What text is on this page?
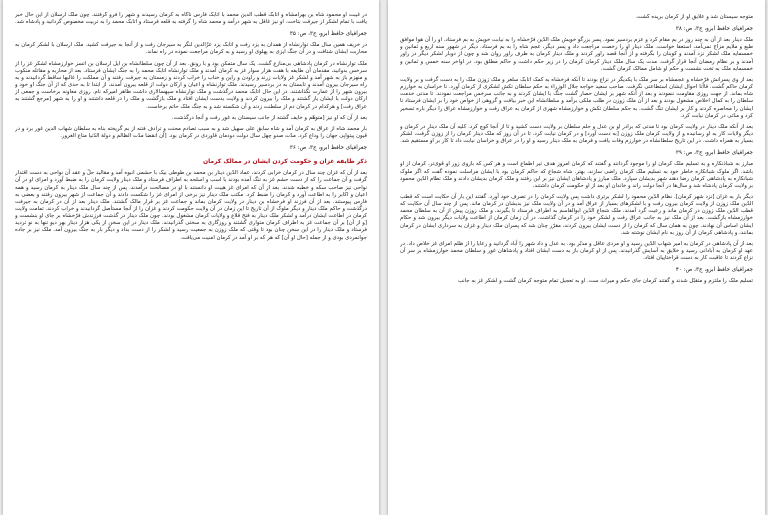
در غیبت او محمود شاه بن بهرامشاه و اتابک قطب الدین محمد با اتابک فارس ناگاه به کرمان رسیدند و شهر را فرو گرفتند. چون ملک ارسلان از این حال خبر یافت با تمام لشکر از جیرفت بتاخت. او نیز غافل به شهر درآمد و محمد شاه را گرفته به قلعه فرستاد و اتابک محمد را به تربیت مخصوص گردانید و پادشاه شد.

جغرافیای حافظ ابرو، ج۳، ص: ۳۵

در خریف همین سال ملک توارنشاه از همدان به یزد رفت و اتابک یزد عزّالدین لنگر به سیرجان رفت و از آنجا به جیرفت کشید. ملک ارسلان با لشکر کرمان به محاربت ایشان شتافت و در آن جنگ ایزی به پهلوی او رسید و به کرمان مراجعت نموده در راه نماند.

ملک توارنشاه در کرمان پادشاهی بی‌منازع گشت. یک سال متمکن بود و با رونق. بعد از آن چون سلطانشاه بن ایل ارسلان بن اتسز خوارزمشاه لشکر غز را از سرخس بدوانید، مقدمان آن طایفه با هفت هزار سوار غز به کرمان آمدند و ملک توارنشاه اتابک محمد را به جنگ ایشان فرستاد. بعد از محاربه و مقاتله منکوب و منهزم باز به شهر آمد و لشکر غز ولایات زرند و راودن و راین و خناب را خراب کردند و زمستان به جیرفت رفتند و آن مملکت را غالبها ساقط گردانیدند و به راه سیرجان بیرون آمدند و تابستان به در بردسیر رسیدند. ملک توارنشاه و اعیان و ارکان دولت از قلعه بیرون آمدند، از ابتدا تا به حدی که از آن جنگ او خود و بیرون شهر را از عمارت نگذاشتند. در این حال اتابک محمد درگذشت و ملک توارنشاه سپهسالاری داشت ظاهر امیرکه نام. روزی معاونه برخاست و جمعی از ارکان دولت با ایشان یار گشتند و ملک را بیرون کردند و ولایت بدست ایشان افتاد و ملک بازگشت و ملک را در قلعه داشتند و او را به شهر [مرجع گشتند به عراق رفت] و هرکدام در کرمان دم از سلطنت زدند و آن شکسته شد و به جنگ ملک حاتم برخاست.

بعد از آن که او نیز [متوهّم و خایف گشته از جانب سیستان به غور رفت و آنجا درگذشت.

بار محمد شاه از عراق به کرمان آمد و شاه سابق علی سهیل شد و به سبب تصادم محنت و ترادف فتنه از بم گریخته بناه به سلطان شهاب الدین غور برد و در قیون پیتواپی جهان را وداع کرد. مدّت صدو چهل سال دولت دودمان قاوردی در کرمان بود. [آن انقضا مدّت الظالم و دولة الدّنیا متاع الغرور.

جغرافیای حافظ ابرو، ج۳، ص: ۳۶
ذکر طایفه غزان و حکومت کردن ایشان در ممالک کرمان

بعد از آن که غزان چند سال در کرمان خرابی کردند، عماد الدّین دینار بن محمد بن طوطی بیک با حشمی انبوه آمد و مقالید حلّ و عقد آن نواحی به دست اقتدار گرفت و آن جماعت را که از دست حشم غز به تنگ آمده بودند با اسب و اسلحه به اطراف فرستاد و ملک دینار ولایت کرمان را به ضبط آورد و امرای او در آن نواحی نیز صاحب سکه و خطبه شدند. بعد از آن که امرای غز هیبت او دانستند با او در مصالحت درآمدند. پس از چند سال ملک دینار به کرمان رسید و همه اعیان و اکابر را به اطاعت آورد و کرمان را ضبط کرد. مکتب ملک دینار نیز برخی از امرای غز را شکست دادند و آن جماعت از شهر بیرون رفتند و بعضی به فارس پیوستند. بعد از آن فرزند او فرخشاه بن دینار در ولایت کرمان بماند و جماعت غز بر قرار مالک گشتند. ملک دینار بعد از آن در کرمان به جیرفت درگذشت و حاکم ملک دینار و دیگر ملوک از آن تاریخ تا این زمان در آن ولایت حکومت کردند و غزان را از آنجا مستأصل گردانیدند و خراب کردند. تمامت ولایت کرمان در اطاعت ایشان درآمد و لشکر ملک دینار به فتح قلاع و ولایات کرمان مشغول بودند. چون ملک دینار در گذشت فرزندش فرّخشاه بر جای او بنشست و [و از آن] بر آن جماعت غز به اطراف کرمان متواری گشتند و روزگاری به سختی گذرانیدند. ملک دینار در این سخن از یکی هزار دینار بهر دیو تنها به نو تردید فرستاد و ملک دینار را در این سخن چنان بود تا وقتی که ملک زوزن به جمعیت رسید و لشکر را از دست بداد و دیگر بار به جنگ بیرون آمد. ملک نیز بر جاده جوانمردی بودی و از جمله [حال او آن] که هر که بر او آمد در کرمان امنیت می‌یافت.

متوجه سیستان شد و علایق او از کرمان بریده گشت.

جغرافیای حافظ ابرو، ج۳، ص: ۳۸

ملک دینار بعد از آن به چند روز در بم مقام کرد و عزم بردسیر نمود. پسر بزرگو خویش ملک الدّین فرّخشاه را به نیابت خویش به بم فرستاد. او را آن هوا موافق طبع و ملایم مزاج نمی‌آمد، استعفا خواست. ملک دینار او را رخصت مراجعت داد و پسر دیگر، عجم شاه را به بم فرستاد. دیگر در شهور سنه اربع و ثمانین و خمسمایه ملک لشکر نزد آمدند و کوبنان را بگرفته و از آنجا قصد راور کردند و ملک دینار کرمان به طرف راور روان شد و چون از دوبار لشکر دیگر در راور آمدند و بر نظام رمضان آنجا قرار گرفت. مدت یک سال ملک دینار کرمان کرمان را در زیر حکم داشت و حاکم مطلق بود. در اواخر سنه خمس و ثمانین و خمسمایه ملک به تخت نشست و حکم او شامل ممالک کرمان گشت.

بعد از وی پسرانش فرّخشاه و عجمشاه بر سر ملک با یکدیگر در نزاع بودند تا آنکه فرخشاه به کمک اتابک سلغر و ملک زوزن ملک را به دست گرفت و بر ولایت کرمان حاکم گشت. قاآنا احوال ایشان استطاعتی نگرفت. صاحب سعید خواجه جلال الوزراء به حکم سلطان تکش لشکری از کرمان آورد. تا خراسان به خوارزم شاه بماند. از جهت روزی مقاومت ننمودند و بعد از آنکه شهر بر ایشان حصار گشت جنگ با ایشان کردند و به جانب سرخس مراجعت نمودند. تا مدتی خدمت سلطان را به کمال اخلاص مشغول بودند و بعد از آن ملک زوزن در طلب ملکی برآمد و سلطانشاه این خبر بیافت و گروهی از خواص خود را بر ایشان فرستاد تا ایشان را محاصره کردند و کار بر ایشان تنگ گشت. به حکم سلطان تکش و خوارزمشاه شهری از کرمان به عراق رفت و خوارزمشاه عراق را دیگر باره تسخیر کرد و مدّتی در کرمان نیابت کرد.

بعد از آنکه ملک دینار در ولایت کرمان بود تا مدتی که برادر او بن عدل و حلم سلطان بر ولایت دست کشید و تا از آنجا کوچ کرد. کلیه آن ملک دینار در کرمان و دیگر ولایات کار به او رسانیده و از ولایت کرمان ملک زوزن [به دست آورد] و در کرمان نیابت کرد. تا در آن روز که ملک دینار کرمان را از زوزن گرفت، لشکر بسیار به همراه داشت. در این تاریخ سلطانشاه در خوارزم وفات یافت و فرمان به ملک دینار رسید و او را در عراق و خراسان نیابت داد تا کار بر او مستقیم شد.

جغرافیای حافظ ابرو، ج۳، ص: ۳۹

مبارز به شباذنکاره و به تسلیم ملک کرمان او را موجود گردانند و گفتند که کرمان امروز هدف تیر اطماع است و هر کس که بازوی زور او قوی‌تر، کرمان از او باشد. اگر ملوک شبانکاره خاطر خود به تسلیم ملک کرمان راضی سازند، بهتر. شاه شجاع که حاکم کرمان بود با ایشان مراسلت نموده گفت که اگر ملوک شبانکاره به پادشاهی کرمان رضا دهند شهر بدیشان سپارد. ملک مبارز و پادشاهان ایشان نیز بر این رفتند و ملک کرمان بدیشان دادند و ملک نظام الدّین محمود بر ولایت کرمان پادشاه شد و سال‌ها در آنجا دولت راند و خاندان او بعد از او حکومت کرمان داشتند.

دیگر بار به غزان [نزد شهر کرمان]. نظام الدّین محمود را لشکر برتری داشت پس ولایت کرمان را در تصرف خود آورد. گفتند این بار آن حکایت است که قطب الدّین ملک زوزن از ولایت کرمان بیرون رفت و با لشکرهای بسیار از عراق آمد و در آن ولایت ملک نیز بدیشان در کرمان ماند. پس از چند سال آن حکایت که قطب الدّین ملک زوزن در کرمان ماند و رعیت گرد آمدند، ملک شجاع الدّین ابوالقاسم به اطراف فرستاد تا بگیرند، و ملک زوزن پیش از آن به سلطان محمد خوارزمشاه بازگشت. بعد از آن ملک نیز به جانب عراق رفت و لشکر خود را در کرمان گذاشت. در آن زمان کرمان از اطاعت ولایات دیگر بیرون شد و حکام ایشان اساس آن نهادند. چون به همان سال که کرمان را از دست ایشان بیرون کردند، مقرّر چنان شد که پسران ملک دینار و غزان به سرداری ایشان در کرمان بمانند، و پادشاهی کرمان از آن روز به نام ایشان نوشته شد.

بعد از آن پادشاهی در کرمان به امیر شهاب الدّین رسید و او مردی عاقل و مدبّر بود. به عدل و داد شهر را آباد گردانید و رعایا را از ظلم امرای غز خلاص داد. در عهد او کرمان به آبادانی رسید و خلایق به آسایش گذرانیدند. پس از او کرمان باز به دست ایشان افتاد و پادشاهان غور و سلطان محمد خوارزمشاه بر سر آن نزاع کردند تا عاقبت کار به دست قراختاییان افتاد.

جغرافیای حافظ ابرو، ج۳، ص: ۴۰

تسلیم ملک را ملتزم و متقبّل شدند و گفتند کرمان جای حکم و میراث ست. او به تعجیل تمام متوجه کرمان گشت و لشکر غز به جانب
